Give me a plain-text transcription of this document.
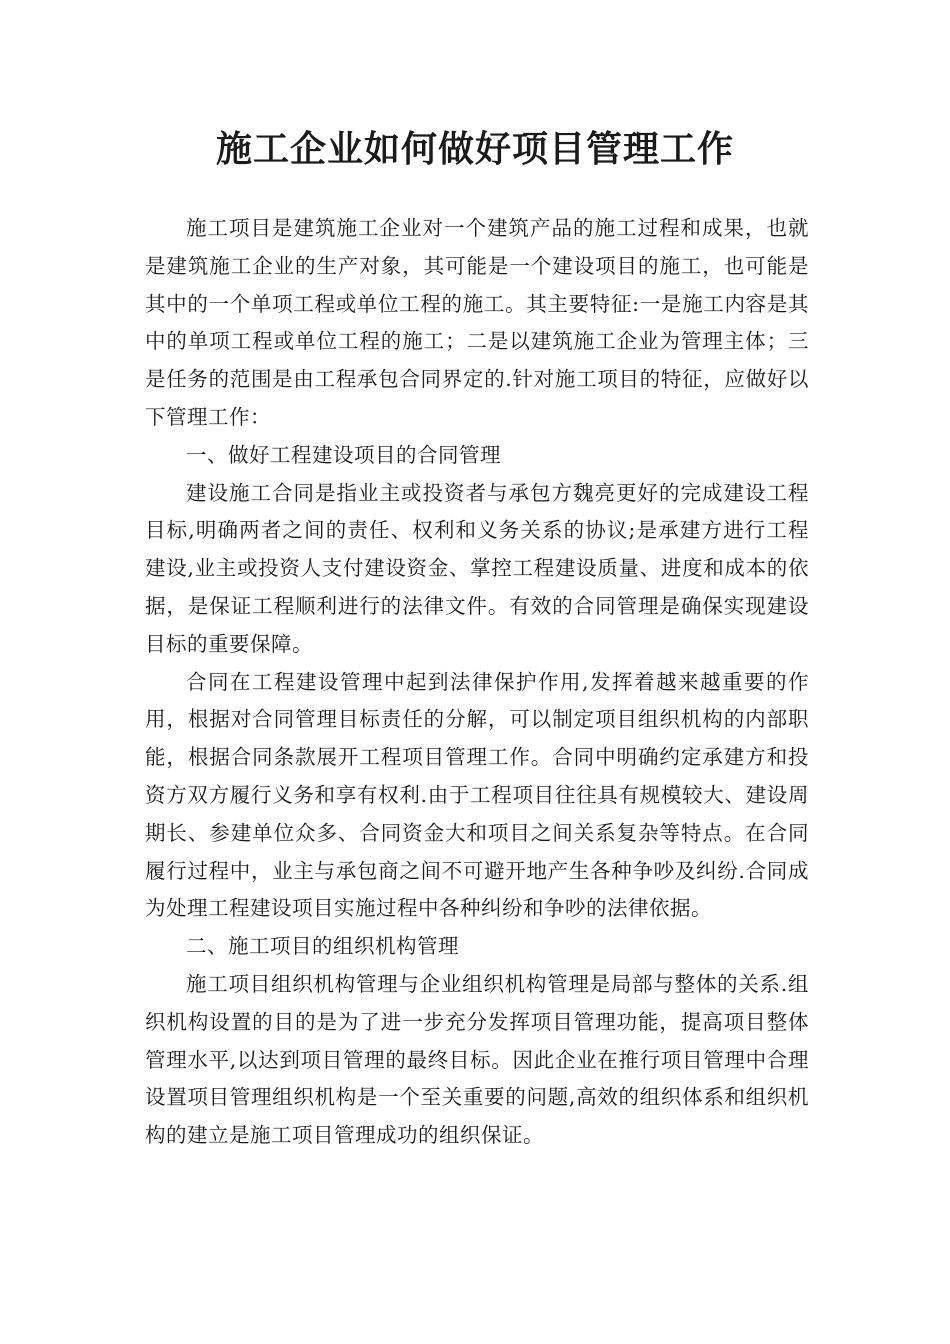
施工企业如何做好项目管理工作

施工项目是建筑施工企业对一个建筑产品的施工过程和成果，也就是建筑施工企业的生产对象，其可能是一个建设项目的施工，也可能是其中的一个单项工程或单位工程的施工。其主要特征:一是施工内容是其中的单项工程或单位工程的施工；二是以建筑施工企业为管理主体；三是任务的范围是由工程承包合同界定的.针对施工项目的特征，应做好以下管理工作：

一、做好工程建设项目的合同管理

建设施工合同是指业主或投资者与承包方魏亮更好的完成建设工程目标,明确两者之间的责任、权利和义务关系的协议;是承建方进行工程建设,业主或投资人支付建设资金、掌控工程建设质量、进度和成本的依据，是保证工程顺利进行的法律文件。有效的合同管理是确保实现建设目标的重要保障。

合同在工程建设管理中起到法律保护作用,发挥着越来越重要的作用，根据对合同管理目标责任的分解，可以制定项目组织机构的内部职能，根据合同条款展开工程项目管理工作。合同中明确约定承建方和投资方双方履行义务和享有权利.由于工程项目往往具有规模较大、建设周期长、参建单位众多、合同资金大和项目之间关系复杂等特点。在合同履行过程中，业主与承包商之间不可避开地产生各种争吵及纠纷.合同成为处理工程建设项目实施过程中各种纠纷和争吵的法律依据。

二、施工项目的组织机构管理

施工项目组织机构管理与企业组织机构管理是局部与整体的关系.组织机构设置的目的是为了进一步充分发挥项目管理功能，提高项目整体管理水平,以达到项目管理的最终目标。因此企业在推行项目管理中合理设置项目管理组织机构是一个至关重要的问题,高效的组织体系和组织机构的建立是施工项目管理成功的组织保证。
